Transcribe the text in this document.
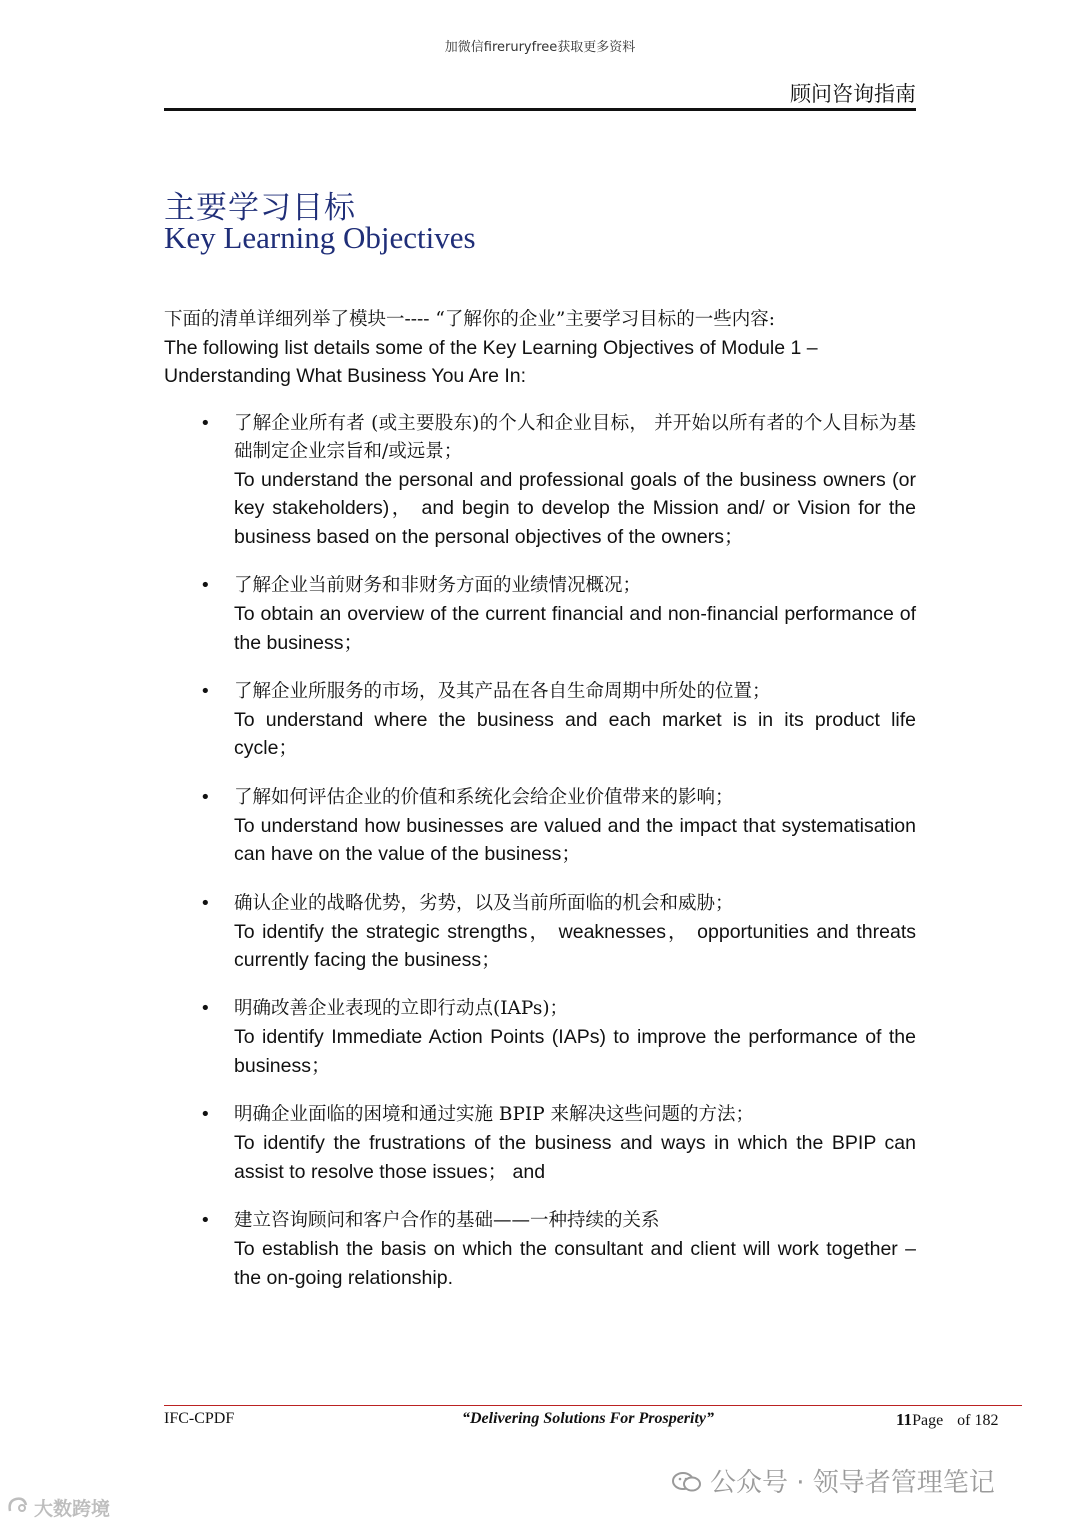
加微信fireruryfree获取更多资料
顾问咨询指南
主要学习目标
Key Learning Objectives
下面的清单详细列举了模块一---- “了解你的企业”主要学习目标的一些内容:
The following list details some of the Key Learning Objectives of Module 1 – Understanding What Business You Are In:
• 了解企业所有者 (或主要股东)的个人和企业目标， 并开始以所有者的个人目标为基础制定企业宗旨和/或远景；
To understand the personal and professional goals of the business owners (or key stakeholders)， and begin to develop the Mission and/ or Vision for the business based on the personal objectives of the owners；
• 了解企业当前财务和非财务方面的业绩情况概况；
To obtain an overview of the current financial and non-financial performance of the business；
• 了解企业所服务的市场，及其产品在各自生命周期中所处的位置；
To understand where the business and each market is in its product life cycle；
• 了解如何评估企业的价值和系统化会给企业价值带来的影响；
To understand how businesses are valued and the impact that systematisation can have on the value of the business；
• 确认企业的战略优势，劣势，以及当前所面临的机会和威胁；
To identify the strategic strengths， weaknesses， opportunities and threats currently facing the business；
• 明确改善企业表现的立即行动点(IAPs)；
To identify Immediate Action Points (IAPs) to improve the performance of the business；
• 明确企业面临的困境和通过实施 BPIP 来解决这些问题的方法；
To identify the frustrations of the business and ways in which the BPIP can assist to resolve those issues； and
• 建立咨询顾问和客户合作的基础——一种持续的关系
To establish the basis on which the consultant and client will work together – the on-going relationship.
IFC-CPDF	“Delivering Solutions For Prosperity”	11Page of 182
公众号 · 领导者管理笔记
大数跨境
